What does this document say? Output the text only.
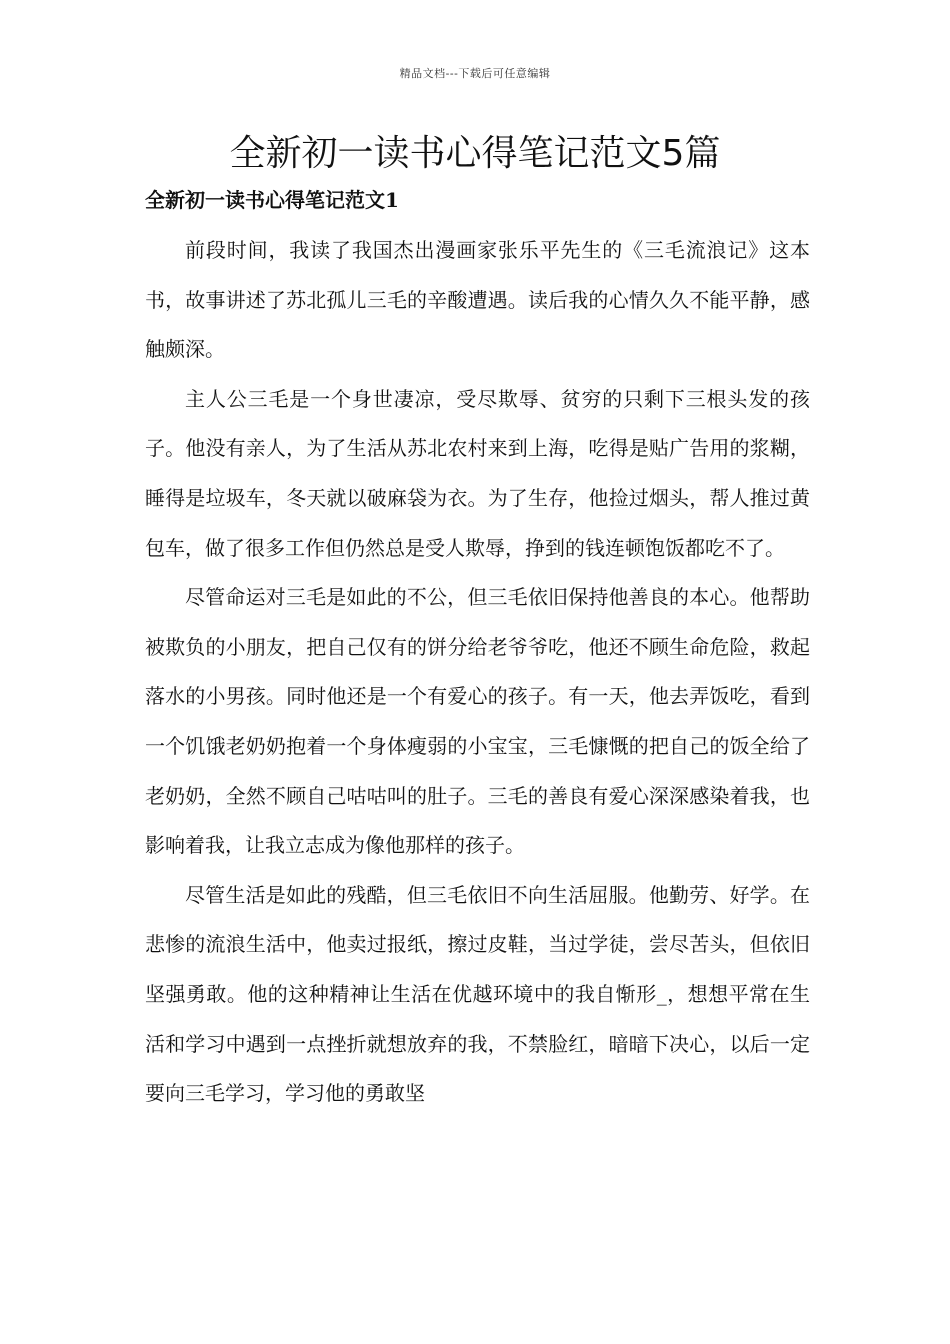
精品文档---下载后可任意编辑
全新初一读书心得笔记范文5篇
全新初一读书心得笔记范文1

前段时间，我读了我国杰出漫画家张乐平先生的《三毛流浪记》这本书，故事讲述了苏北孤儿三毛的辛酸遭遇。读后我的心情久久不能平静，感触颇深。

主人公三毛是一个身世凄凉，受尽欺辱、贫穷的只剩下三根头发的孩子。他没有亲人，为了生活从苏北农村来到上海，吃得是贴广告用的浆糊，睡得是垃圾车，冬天就以破麻袋为衣。为了生存，他捡过烟头，帮人推过黄包车，做了很多工作但仍然总是受人欺辱，挣到的钱连顿饱饭都吃不了。

尽管命运对三毛是如此的不公，但三毛依旧保持他善良的本心。他帮助被欺负的小朋友，把自己仅有的饼分给老爷爷吃，他还不顾生命危险，救起落水的小男孩。同时他还是一个有爱心的孩子。有一天，他去弄饭吃，看到一个饥饿老奶奶抱着一个身体瘦弱的小宝宝，三毛慷慨的把自己的饭全给了老奶奶，全然不顾自己咕咕叫的肚子。三毛的善良有爱心深深感染着我，也影响着我，让我立志成为像他那样的孩子。

尽管生活是如此的残酷，但三毛依旧不向生活屈服。他勤劳、好学。在悲惨的流浪生活中，他卖过报纸，擦过皮鞋，当过学徒，尝尽苦头，但依旧坚强勇敢。他的这种精神让生活在优越环境中的我自惭形_，想想平常在生活和学习中遇到一点挫折就想放弃的我，不禁脸红，暗暗下决心，以后一定要向三毛学习，学习他的勇敢坚
